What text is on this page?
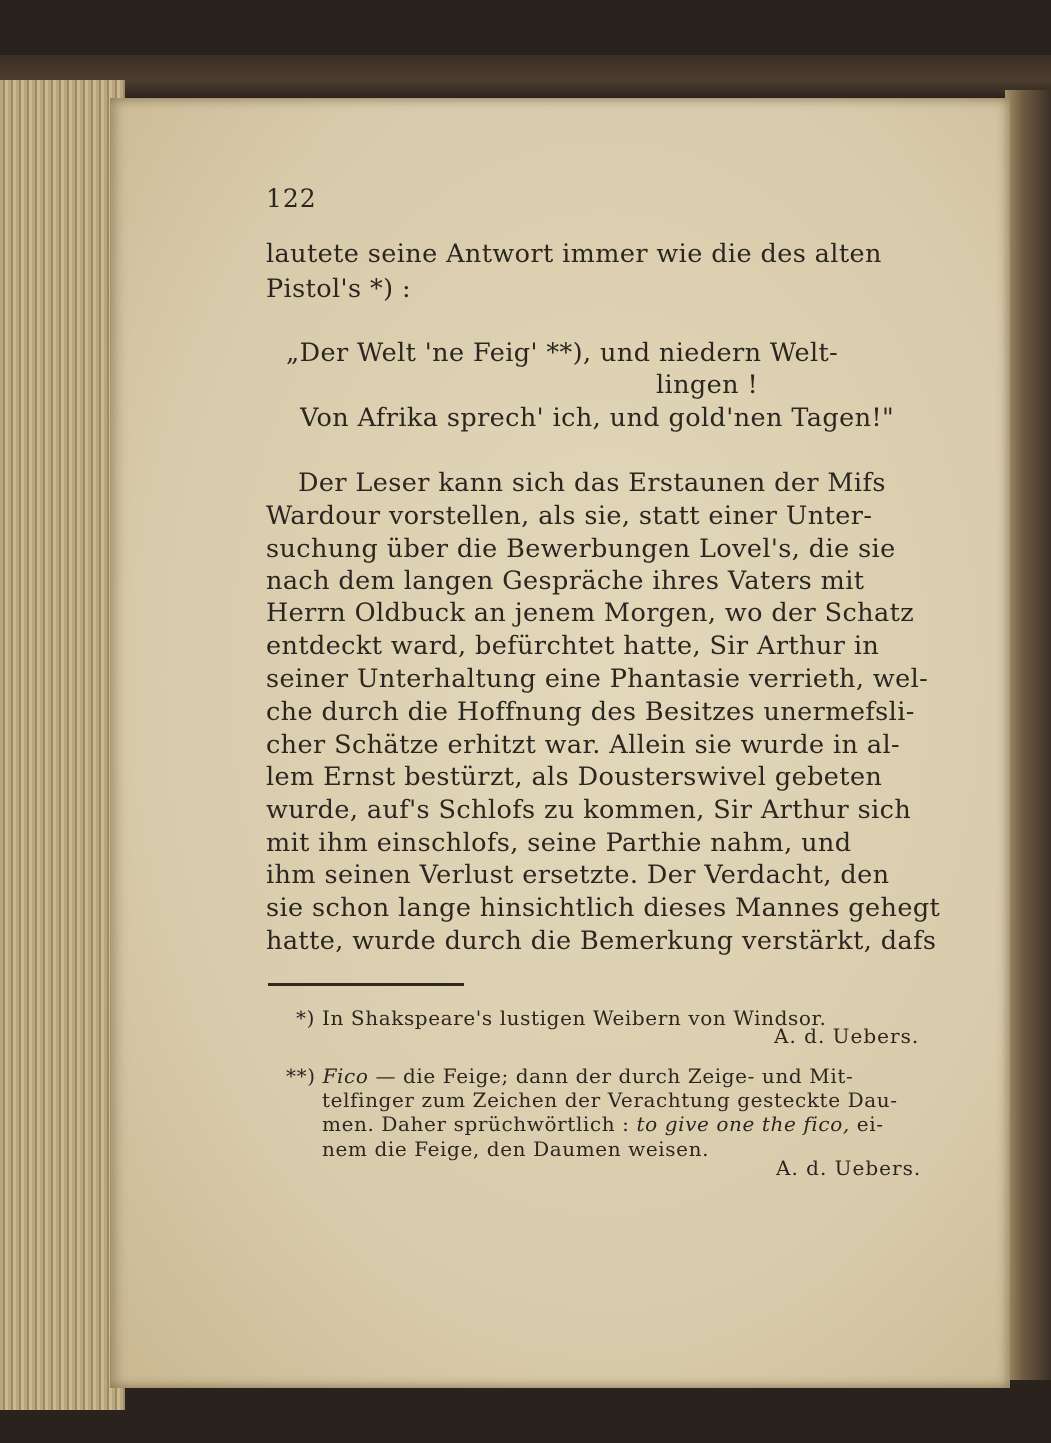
122
lautete seine Antwort immer wie die des alten
Pistol's *) :
„Der Welt 'ne Feig' **), und niedern Welt-
lingen !
Von Afrika sprech' ich, und gold'nen Tagen!"
Der Leser kann sich das Erstaunen der Mifs
Wardour vorstellen, als sie, statt einer Unter-
suchung über die Bewerbungen Lovel's, die sie
nach dem langen Gespräche ihres Vaters mit
Herrn Oldbuck an jenem Morgen, wo der Schatz
entdeckt ward, befürchtet hatte, Sir Arthur in
seiner Unterhaltung eine Phantasie verrieth, wel-
che durch die Hoffnung des Besitzes unermefsli-
cher Schätze erhitzt war. Allein sie wurde in al-
lem Ernst bestürzt, als Dousterswivel gebeten
wurde, auf's Schlofs zu kommen, Sir Arthur sich
mit ihm einschlofs, seine Parthie nahm, und
ihm seinen Verlust ersetzte. Der Verdacht, den
sie schon lange hinsichtlich dieses Mannes gehegt
hatte, wurde durch die Bemerkung verstärkt, dafs
*) In Shakspeare's lustigen Weibern von Windsor.
A. d. Uebers.
**) Fico — die Feige; dann der durch Zeige- und Mit-
telfinger zum Zeichen der Verachtung gesteckte Dau-
men. Daher sprüchwörtlich : to give one the fico, ei-
nem die Feige, den Daumen weisen.
A. d. Uebers.
